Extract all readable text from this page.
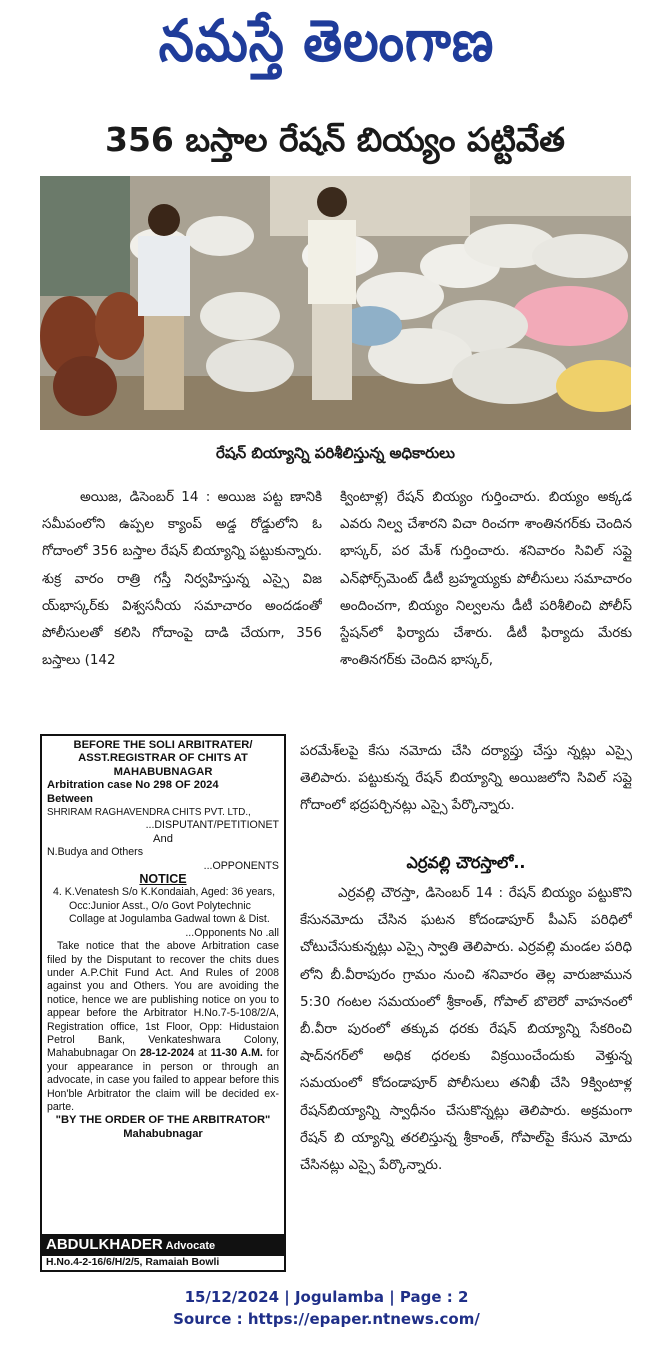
నమస్తే తెలంగాణ
356 బస్తాల రేషన్ బియ్యం పట్టివేత
రేషన్ బియ్యాన్ని పరిశీలిస్తున్న అధికారులు

అయిజ, డిసెంబర్ 14 : అయిజ పట్ట ణానికి సమీపంలోని ఉప్పల క్యాంప్ అడ్డ రోడ్డులోని ఓ గోదాంలో 356 బస్తాల రేషన్ బియ్యాన్ని పట్టుకున్నారు. శుక్ర వారం రాత్రి గస్తీ నిర్వహిస్తున్న ఎస్సై విజ య్‌భాస్కర్‌కు విశ్వసనీయ సమాచారం అందడంతో పోలీసులతో కలిసి గోదాంపై దాడి చేయగా, 356 బస్తాలు (142

క్వింటాళ్ల) రేషన్ బియ్యం గుర్తించారు. బియ్యం అక్కడ ఎవరు నిల్వ చేశారని విచా రించగా శాంతినగర్‌కు చెందిన భాస్కర్, పర మేశ్ గుర్తించారు. శనివారం సివిల్ సప్లై ఎన్‌ఫోర్స్‌మెంట్ డీటీ బ్రహ్మయ్యకు పోలీసులు సమాచారం అందించగా, బియ్యం నిల్వలను డీటీ పరిశీలించి పోలీస్ స్టేషన్‌లో ఫిర్యాదు చేశారు. డీటీ ఫిర్యాదు మేరకు శాంతినగర్‌కు చెందిన భాస్కర్,

పరమేశ్‌లపై కేసు నమోదు చేసి దర్యాప్తు చేస్తు న్నట్లు ఎస్సై తెలిపారు. పట్టుకున్న రేషన్ బియ్యాన్ని అయిజలోని సివిల్ సప్లై గోదాంలో భద్రపర్చినట్లు ఎస్సై పేర్కొన్నారు.

ఎర్రవల్లి చౌరస్తాలో..

ఎర్రవల్లి చౌరస్తా, డిసెంబర్ 14 : రేషన్ బియ్యం పట్టుకొని కేసునమోదు చేసిన ఘటన కోదండాపూర్ పీఎస్ పరిధిలో చోటుచేసుకున్నట్లు ఎస్సై స్వాతి తెలిపారు. ఎర్రవల్లి మండల పరిధి లోని బీ.వీరాపురం గ్రామం నుంచి శనివారం తెల్ల వారుజామున 5:30 గంటల సమయంలో శ్రీకాంత్, గోపాల్ బొలెరో వాహనంలో బీ.వీరా పురంలో తక్కువ ధరకు రేషన్ బియ్యాన్ని సేకరించి షాద్‌నగర్‌లో అధిక ధరలకు విక్రయించేందుకు వెళ్తున్న సమయంలో కోదండాపూర్ పోలీసులు తనిఖీ చేసి 9క్వింటాళ్ల రేషన్‌బియ్యాన్ని స్వాధీనం చేసుకొన్నట్లు తెలిపారు. అక్రమంగా రేషన్ బి య్యాన్ని తరలిస్తున్న శ్రీకాంత్, గోపాల్‌పై కేసున మోదు చేసినట్లు ఎస్సై పేర్కొన్నారు.

BEFORE THE SOLI ARBITRATER/
ASST.REGISTRAR OF CHITS AT
MAHABUBNAGAR
Arbitration case No 298 OF 2024
Between
SHRIRAM RAGHAVENDRA CHITS PVT. LTD.,
...DISPUTANT/PETITIONET
And
N.Budya and Others
...OPPONENTS
NOTICE
4. K.Venatesh S/o K.Kondaiah, Aged: 36 years, Occ:Junior Asst., O/o Govt Polytechnic Collage at Jogulamba Gadwal town & Dist.
...Opponents No .all
Take notice that the above Arbitration case filed by the Disputant to recover the chits dues under A.P.Chit Fund Act. And Rules of 2008 against you and Others. You are avoiding the notice, hence we are publishing notice on you to appear before the Arbitrator H.No.7-5-108/2/A, Registration office, 1st Floor, Opp: Hidustaion Petrol Bank, Venkateshwara Colony, Mahabubnagar On 28-12-2024 at 11-30 A.M. for your appearance in person or through an advocate, in case you failed to appear before this Hon'ble Arbitrator the claim will be decided ex-parte.
"BY THE ORDER OF THE ARBITRATOR"
Mahabubnagar
ABDULKHADER Advocate
H.No.4-2-16/6/H/2/5, Ramaiah Bowli
15/12/2024 | Jogulamba | Page : 2
Source : https://epaper.ntnews.com/
